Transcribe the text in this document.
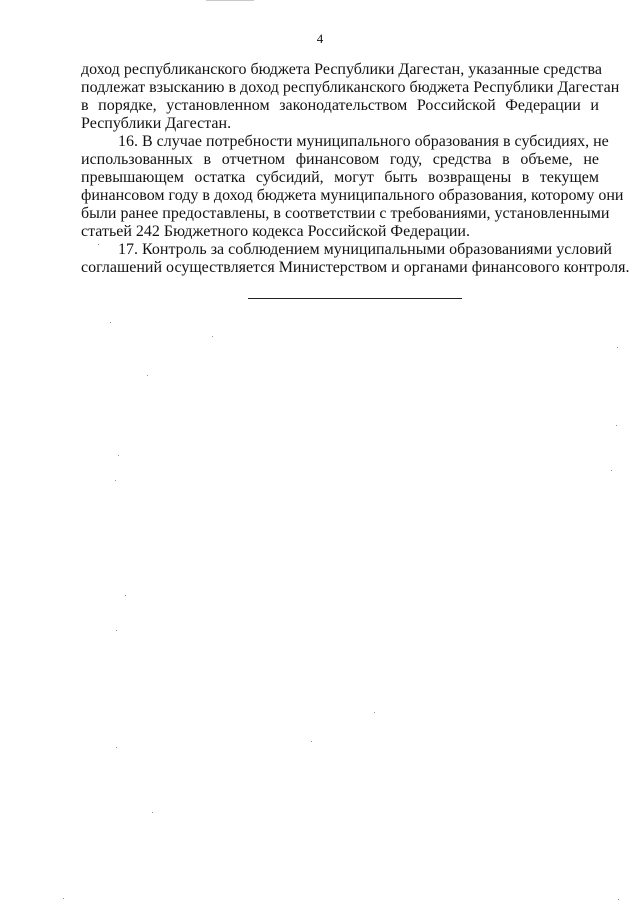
4
доход республиканского бюджета Республики Дагестан, указанные средства
подлежат взысканию в доход республиканского бюджета Республики Дагестан
в порядке, установленном законодательством Российской Федерации и
Республики Дагестан.
16. В случае потребности муниципального образования в субсидиях, не
использованных в отчетном финансовом году, средства в объеме, не
превышающем остатка субсидий, могут быть возвращены в текущем
финансовом году в доход бюджета муниципального образования, которому они
были ранее предоставлены, в соответствии с требованиями, установленными
статьей 242 Бюджетного кодекса Российской Федерации.
17. Контроль за соблюдением муниципальными образованиями условий
соглашений осуществляется Министерством и органами финансового контроля.
